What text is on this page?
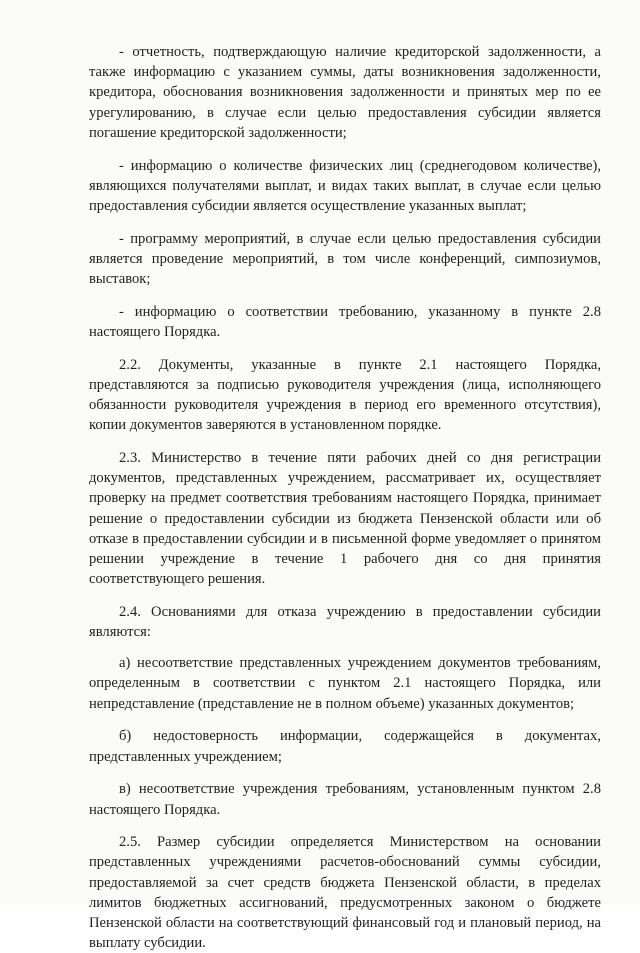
- отчетность, подтверждающую наличие кредиторской задолженности, а также информацию с указанием суммы, даты возникновения задолженности, кредитора, обоснования возникновения задолженности и принятых мер по ее урегулированию, в случае если целью предоставления субсидии является погашение кредиторской задолженности;

- информацию о количестве физических лиц (среднегодовом количестве), являющихся получателями выплат, и видах таких выплат, в случае если целью предоставления субсидии является осуществление указанных выплат;

- программу мероприятий, в случае если целью предоставления субсидии является проведение мероприятий, в том числе конференций, симпозиумов, выставок;

- информацию о соответствии требованию, указанному в пункте 2.8 настоящего Порядка.

2.2. Документы, указанные в пункте 2.1 настоящего Порядка, представляются за подписью руководителя учреждения (лица, исполняющего обязанности руководителя учреждения в период его временного отсутствия), копии документов заверяются в установленном порядке.

2.3. Министерство в течение пяти рабочих дней со дня регистрации документов, представленных учреждением, рассматривает их, осуществляет проверку на предмет соответствия требованиям настоящего Порядка, принимает решение о предоставлении субсидии из бюджета Пензенской области или об отказе в предоставлении субсидии и в письменной форме уведомляет о принятом решении учреждение в течение 1 рабочего дня со дня принятия соответствующего решения.

2.4. Основаниями для отказа учреждению в предоставлении субсидии являются:

а) несоответствие представленных учреждением документов требованиям, определенным в соответствии с пунктом 2.1 настоящего Порядка, или непредставление (представление не в полном объеме) указанных документов;

б) недостоверность информации, содержащейся в документах, представленных учреждением;

в) несоответствие учреждения требованиям, установленным пунктом 2.8 настоящего Порядка.

2.5. Размер субсидии определяется Министерством на основании представленных учреждениями расчетов-обоснований суммы субсидии, предоставляемой за счет средств бюджета Пензенской области, в пределах лимитов бюджетных ассигнований, предусмотренных законом о бюджете Пензенской области на соответствующий финансовый год и плановый период, на выплату субсидии.
